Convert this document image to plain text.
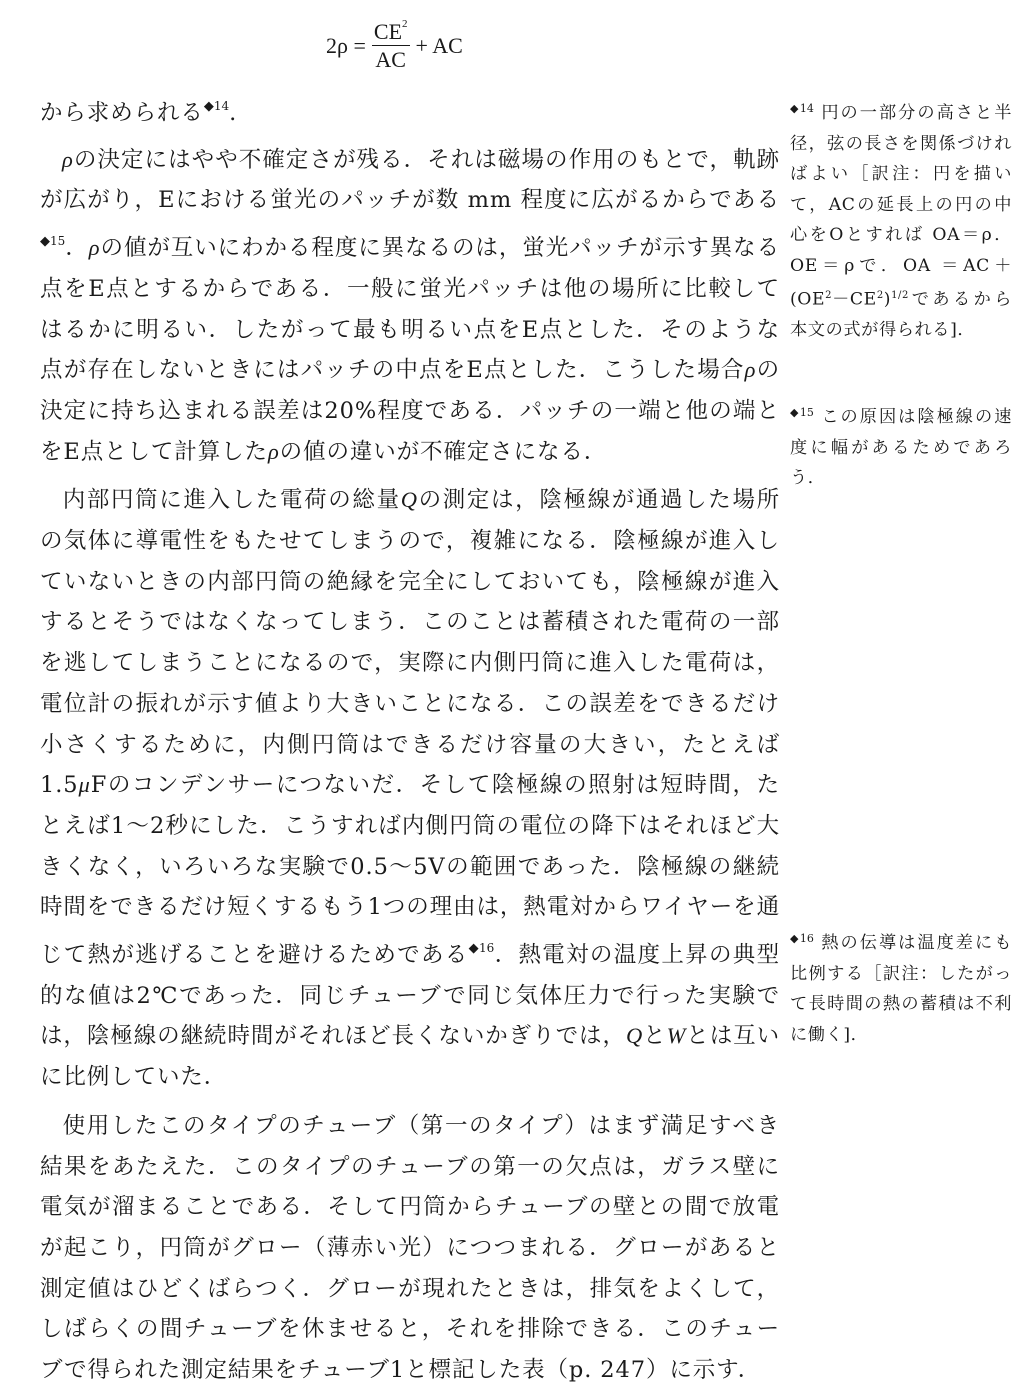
$2\rho = \frac{CE^2}{AC}$ + AC

から求められる$^{◆14}$.

ρの決定にはやや不確定さが残る．それは磁場の作用のもとで，軌跡が広がり，Eにおける蛍光のパッチが数 mm 程度に広がるからである$^{◆15}$．ρの値が互いにわかる程度に異なるのは，蛍光パッチが示す異なる点をE点とするからである．一般に蛍光パッチは他の場所に比較してはるかに明るい．したがって最も明るい点をE点とした．そのような点が存在しないときにはパッチの中点をE点とした．こうした場合ρの決定に持ち込まれる誤差は20%程度である．パッチの一端と他の端とをE点として計算したρの値の違いが不確定さになる．

内部円筒に進入した電荷の総量Qの測定は，陰極線が通過した場所の気体に導電性をもたせてしまうので，複雑になる．陰極線が進入していないときの内部円筒の絶縁を完全にしておいても，陰極線が進入するとそうではなくなってしまう．このことは蓄積された電荷の一部を逃してしまうことになるので，実際に内側円筒に進入した電荷は，電位計の振れが示す値より大きいことになる．この誤差をできるだけ小さくするために，内側円筒はできるだけ容量の大きい，たとえば1.5μFのコンデンサーにつないだ．そして陰極線の照射は短時間，たとえば1～2秒にした．こうすれば内側円筒の電位の降下はそれほど大きくなく，いろいろな実験で0.5～5Vの範囲であった．陰極線の継続時間をできるだけ短くするもう1つの理由は，熱電対からワイヤーを通じて熱が逃げることを避けるためである$^{◆16}$．熱電対の温度上昇の典型的な値は2℃であった．同じチューブで同じ気体圧力で行った実験では，陰極線の継続時間がそれほど長くないかぎりでは，QとWとは互いに比例していた．

使用したこのタイプのチューブ（第一のタイプ）はまず満足すべき結果をあたえた．このタイプのチューブの第一の欠点は，ガラス壁に電気が溜まることである．そして円筒からチューブの壁との間で放電が起こり，円筒がグロー（薄赤い光）につつまれる．グローがあると測定値はひどくばらつく．グローが現れたときは，排気をよくして，しばらくの間チューブを休ませると，それを排除できる．このチューブで得られた測定結果をチューブ1と標記した表（p. 247）に示す．

$^{◆14}$ 円の一部分の高さと半径，弦の長さを関係づければよい［訳注：円を描いて，ACの延長上の円の中心をOとすれば OA＝ρ．OE＝ρで．OA $=AC+(OE^2-CE^2)^{1/2}$であるから本文の式が得られる]．
$^{◆15}$ この原因は陰極線の速度に幅があるためであろう．
$^{◆16}$ 熱の伝導は温度差にも比例する［訳注：したがって長時間の熱の蓄積は不利に働く]．
